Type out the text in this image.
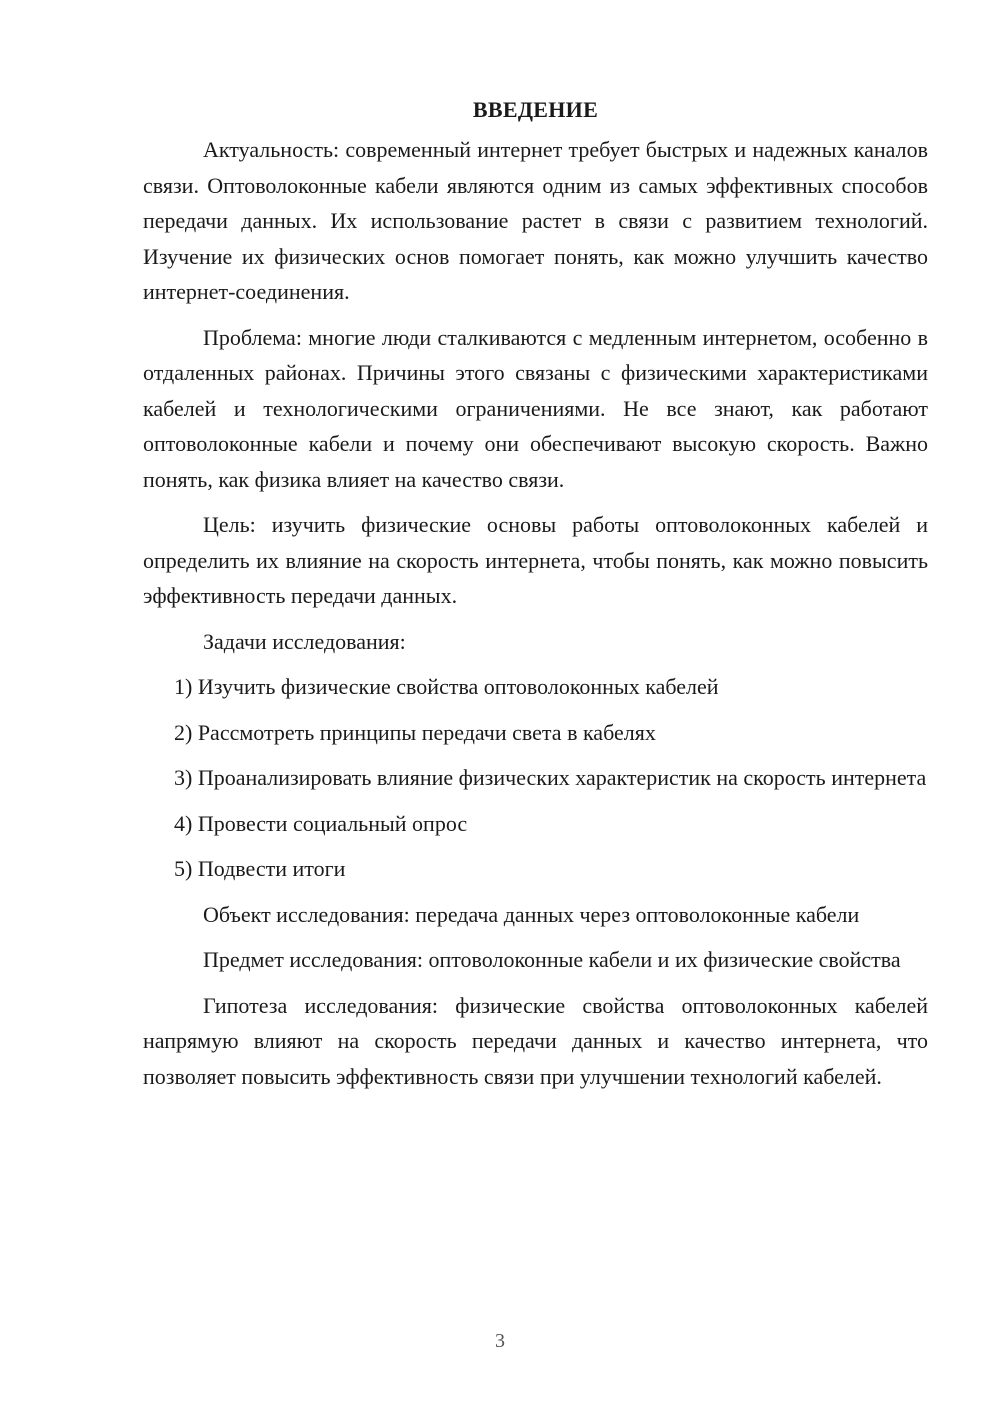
ВВЕДЕНИЕ

Актуальность: современный интернет требует быстрых и надежных каналов связи. Оптоволоконные кабели являются одним из самых эффективных способов передачи данных. Их использование растет в связи с развитием технологий. Изучение их физических основ помогает понять, как можно улучшить качество интернет-соединения.

Проблема: многие люди сталкиваются с медленным интернетом, особенно в отдаленных районах. Причины этого связаны с физическими характеристиками кабелей и технологическими ограничениями. Не все знают, как работают оптоволоконные кабели и почему они обеспечивают высокую скорость. Важно понять, как физика влияет на качество связи.

Цель: изучить физические основы работы оптоволоконных кабелей и определить их влияние на скорость интернета, чтобы понять, как можно повысить эффективность передачи данных.

Задачи исследования:

1) Изучить физические свойства оптоволоконных кабелей

2) Рассмотреть принципы передачи света в кабелях

3) Проанализировать влияние физических характеристик на скорость интернета

4) Провести социальный опрос

5) Подвести итоги

Объект исследования: передача данных через оптоволоконные кабели

Предмет исследования: оптоволоконные кабели и их физические свойства

Гипотеза исследования: физические свойства оптоволоконных кабелей напрямую влияют на скорость передачи данных и качество интернета, что позволяет повысить эффективность связи при улучшении технологий кабелей.

3
